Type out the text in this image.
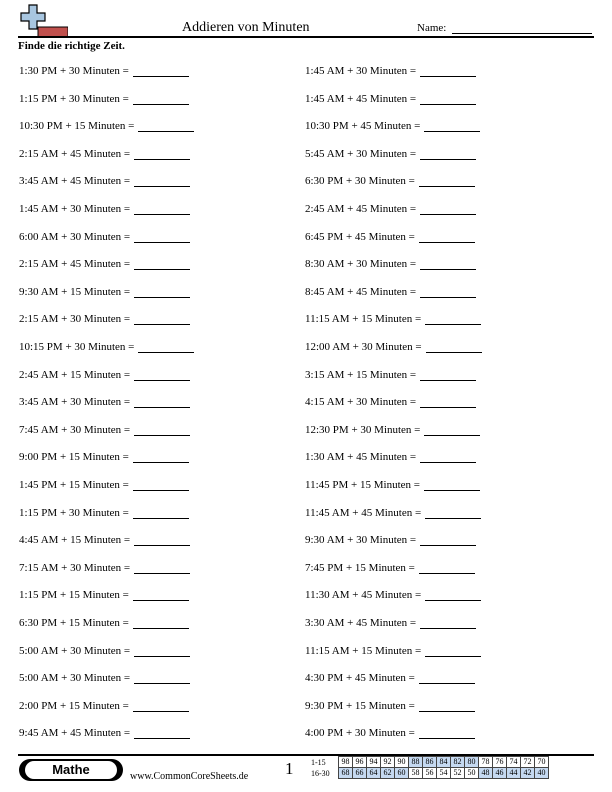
Addieren von Minuten	Name:
Finde die richtige Zeit.
1:30 PM + 30 Minuten =
1:15 PM + 30 Minuten =
10:30 PM + 15 Minuten =
2:15 AM + 45 Minuten =
3:45 AM + 45 Minuten =
1:45 AM + 30 Minuten =
6:00 AM + 30 Minuten =
2:15 AM + 45 Minuten =
9:30 AM + 15 Minuten =
2:15 AM + 30 Minuten =
10:15 PM + 30 Minuten =
2:45 AM + 15 Minuten =
3:45 AM + 30 Minuten =
7:45 AM + 30 Minuten =
9:00 PM + 15 Minuten =
1:45 PM + 15 Minuten =
1:15 PM + 30 Minuten =
4:45 AM + 15 Minuten =
7:15 AM + 30 Minuten =
1:15 PM + 15 Minuten =
6:30 PM + 15 Minuten =
5:00 AM + 30 Minuten =
5:00 AM + 30 Minuten =
2:00 PM + 15 Minuten =
9:45 AM + 45 Minuten =
1:45 AM + 30 Minuten =
1:45 AM + 45 Minuten =
10:30 PM + 45 Minuten =
5:45 AM + 30 Minuten =
6:30 PM + 30 Minuten =
2:45 AM + 45 Minuten =
6:45 PM + 45 Minuten =
8:30 AM + 30 Minuten =
8:45 AM + 45 Minuten =
11:15 AM + 15 Minuten =
12:00 AM + 30 Minuten =
3:15 AM + 15 Minuten =
4:15 AM + 30 Minuten =
12:30 PM + 30 Minuten =
1:30 AM + 45 Minuten =
11:45 PM + 15 Minuten =
11:45 AM + 45 Minuten =
9:30 AM + 30 Minuten =
7:45 PM + 15 Minuten =
11:30 AM + 45 Minuten =
3:30 AM + 45 Minuten =
11:15 AM + 15 Minuten =
4:30 PM + 45 Minuten =
9:30 PM + 15 Minuten =
4:00 PM + 30 Minuten =
Mathe	www.CommonCoreSheets.de 1 1-15
16-30
98	96	94	92	90	88	86	84	82	80	78	76	74	72	70
68	66	64	62	60	58	56	54	52	50	48	46	44	42	40
